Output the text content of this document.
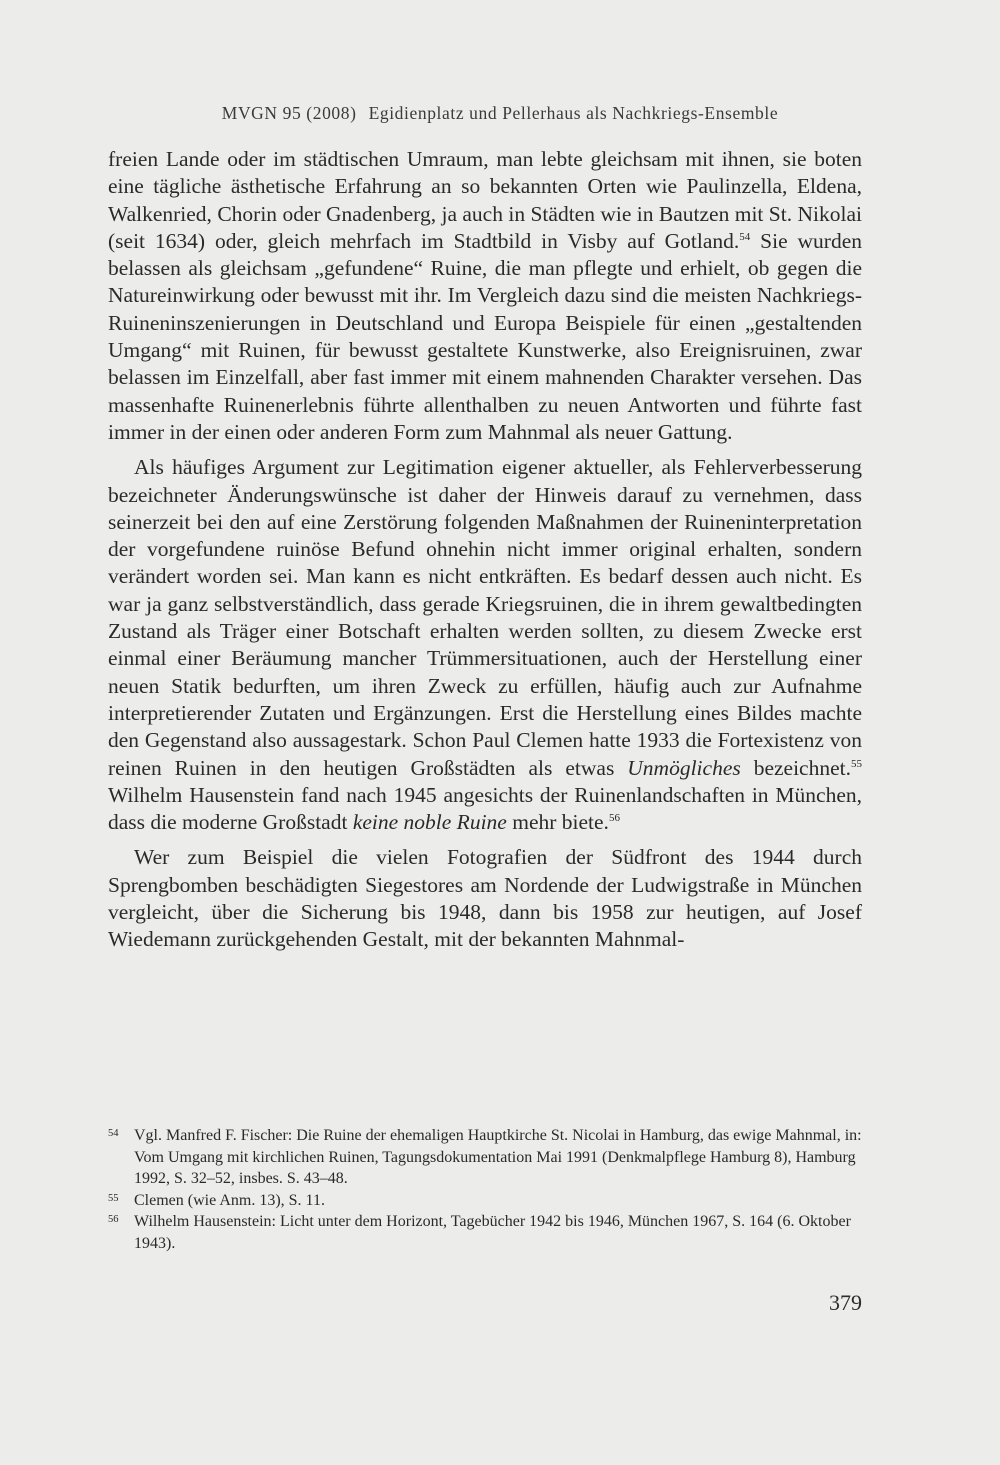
MVGN 95 (2008) Egidienplatz und Pellerhaus als Nachkriegs-Ensemble

freien Lande oder im städtischen Umraum, man lebte gleichsam mit ihnen, sie boten eine tägliche ästhetische Erfahrung an so bekannten Orten wie Paulinzella, Eldena, Walkenried, Chorin oder Gnadenberg, ja auch in Städten wie in Bautzen mit St. Nikolai (seit 1634) oder, gleich mehrfach im Stadtbild in Visby auf Gotland.$^{54}$ Sie wurden belassen als gleichsam „gefundene“ Ruine, die man pflegte und erhielt, ob gegen die Natureinwirkung oder bewusst mit ihr. Im Vergleich dazu sind die meisten Nachkriegs-Ruineninszenierungen in Deutschland und Europa Beispiele für einen „gestaltenden Umgang“ mit Ruinen, für bewusst gestaltete Kunstwerke, also Ereignisruinen, zwar belassen im Einzelfall, aber fast immer mit einem mahnenden Charakter versehen. Das massenhafte Ruinenerlebnis führte allenthalben zu neuen Antworten und führte fast immer in der einen oder anderen Form zum Mahnmal als neuer Gattung.

Als häufiges Argument zur Legitimation eigener aktueller, als Fehlerverbesserung bezeichneter Änderungswünsche ist daher der Hinweis darauf zu vernehmen, dass seinerzeit bei den auf eine Zerstörung folgenden Maßnahmen der Ruineninterpretation der vorgefundene ruinöse Befund ohnehin nicht immer original erhalten, sondern verändert worden sei. Man kann es nicht entkräften. Es bedarf dessen auch nicht. Es war ja ganz selbstverständlich, dass gerade Kriegsruinen, die in ihrem gewaltbedingten Zustand als Träger einer Botschaft erhalten werden sollten, zu diesem Zwecke erst einmal einer Beräumung mancher Trümmersituationen, auch der Herstellung einer neuen Statik bedurften, um ihren Zweck zu erfüllen, häufig auch zur Aufnahme interpretierender Zutaten und Ergänzungen. Erst die Herstellung eines Bildes machte den Gegenstand also aussagestark. Schon Paul Clemen hatte 1933 die Fortexistenz von reinen Ruinen in den heutigen Großstädten als etwas Unmögliches bezeichnet.$^{55}$ Wilhelm Hausenstein fand nach 1945 angesichts der Ruinenlandschaften in München, dass die moderne Großstadt keine noble Ruine mehr biete.$^{56}$

Wer zum Beispiel die vielen Fotografien der Südfront des 1944 durch Sprengbomben beschädigten Siegestores am Nordende der Ludwigstraße in München vergleicht, über die Sicherung bis 1948, dann bis 1958 zur heutigen, auf Josef Wiedemann zurückgehenden Gestalt, mit der bekannten Mahnmal-

54 Vgl. Manfred F. Fischer: Die Ruine der ehemaligen Hauptkirche St. Nicolai in Hamburg, das ewige Mahnmal, in: Vom Umgang mit kirchlichen Ruinen, Tagungsdokumentation Mai 1991 (Denkmalpflege Hamburg 8), Hamburg 1992, S. 32–52, insbes. S. 43–48.

55 Clemen (wie Anm. 13), S. 11.

56 Wilhelm Hausenstein: Licht unter dem Horizont, Tagebücher 1942 bis 1946, München 1967, S. 164 (6. Oktober 1943).

379
